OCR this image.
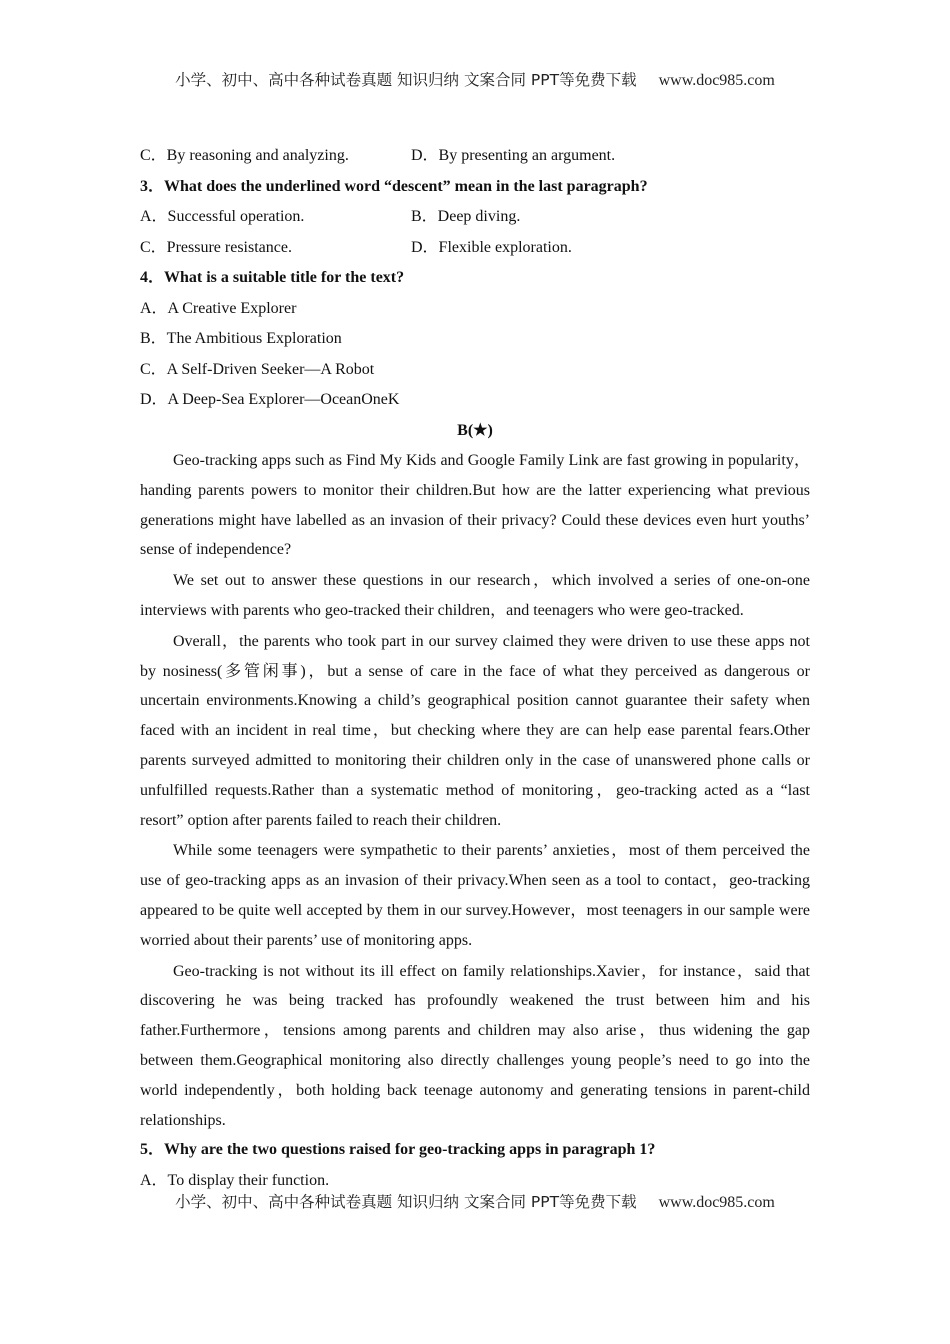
小学、初中、高中各种试卷真题 知识归纳 文案合同 PPT等免费下载 www.doc985.com
C．By reasoning and analyzing.	D．By presenting an argument.
3．What does the underlined word “descent” mean in the last paragraph?
A．Successful operation.	B．Deep diving.
C．Pressure resistance.	D．Flexible exploration.
4．What is a suitable title for the text?
A．A Creative Explorer
B．The Ambitious Exploration
C．A Self-Driven Seeker—A Robot
D．A Deep-Sea Explorer—OceanOneK
B(★)
Geo-tracking apps such as Find My Kids and Google Family Link are fast growing in popularity，handing parents powers to monitor their children.But how are the latter experiencing what previous generations might have labelled as an invasion of their privacy? Could these devices even hurt youths’ sense of independence?
We set out to answer these questions in our research，which involved a series of one-on-one interviews with parents who geo-tracked their children，and teenagers who were geo-tracked.
Overall，the parents who took part in our survey claimed they were driven to use these apps not by nosiness(多管闲事)，but a sense of care in the face of what they perceived as dangerous or uncertain environments.Knowing a child’s geographical position cannot guarantee their safety when faced with an incident in real time，but checking where they are can help ease parental fears.Other parents surveyed admitted to monitoring their children only in the case of unanswered phone calls or unfulfilled requests.Rather than a systematic method of monitoring，geo-tracking acted as a “last resort” option after parents failed to reach their children.
While some teenagers were sympathetic to their parents’ anxieties，most of them perceived the use of geo-tracking apps as an invasion of their privacy.When seen as a tool to contact，geo-tracking appeared to be quite well accepted by them in our survey.However，most teenagers in our sample were worried about their parents’ use of monitoring apps.
Geo-tracking is not without its ill effect on family relationships.Xavier，for instance，said that discovering he was being tracked has profoundly weakened the trust between him and his father.Furthermore，tensions among parents and children may also arise，thus widening the gap between them.Geographical monitoring also directly challenges young people’s need to go into the world independently，both holding back teenage autonomy and generating tensions in parent-child relationships.
5．Why are the two questions raised for geo-tracking apps in paragraph 1?
A．To display their function.
小学、初中、高中各种试卷真题 知识归纳 文案合同 PPT等免费下载 www.doc985.com
